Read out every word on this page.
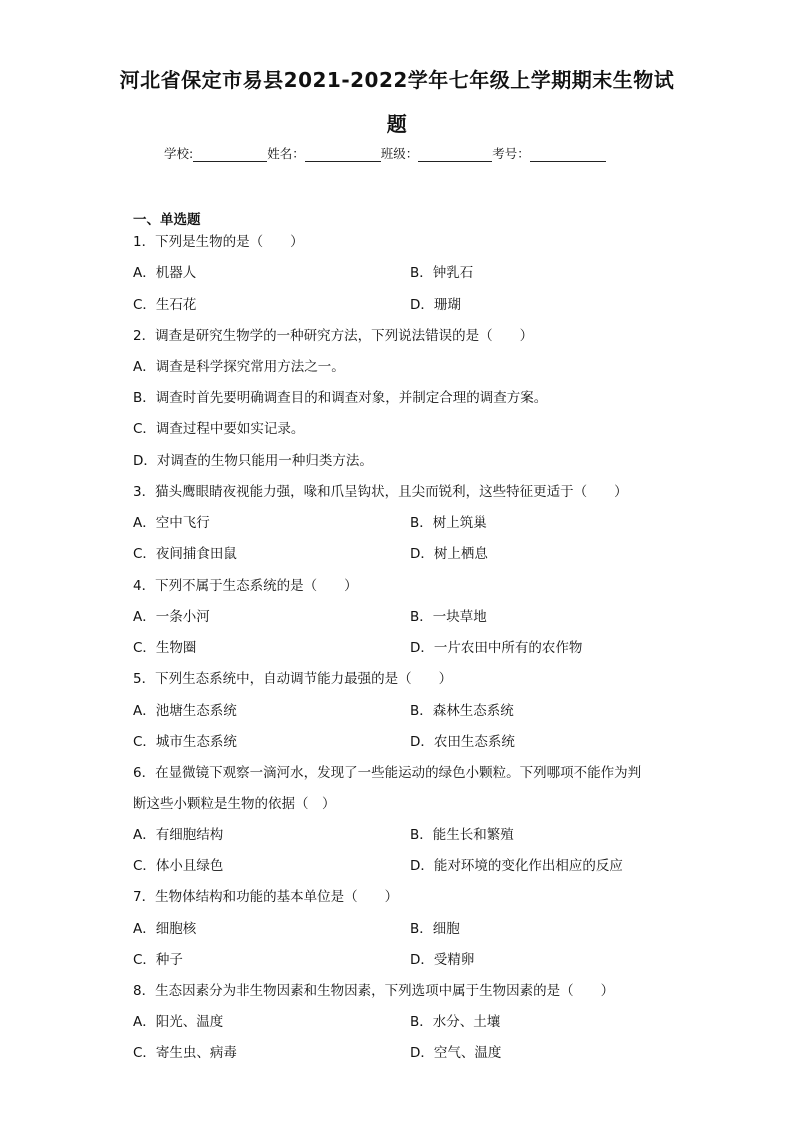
河北省保定市易县2021-2022学年七年级上学期期末生物试
题
学校:	姓名：	班级：	考号：
一、单选题
1．下列是生物的是（　　）
A．机器人	B．钟乳石
C．生石花	D．珊瑚
2．调查是研究生物学的一种研究方法，下列说法错误的是（　　）
A．调查是科学探究常用方法之一。
B．调查时首先要明确调查目的和调查对象，并制定合理的调查方案。
C．调查过程中要如实记录。
D．对调查的生物只能用一种归类方法。
3．猫头鹰眼睛夜视能力强，喙和爪呈钩状，且尖而锐利，这些特征更适于（　　）
A．空中飞行	B．树上筑巢
C．夜间捕食田鼠	D．树上栖息
4．下列不属于生态系统的是（　　）
A．一条小河	B．一块草地
C．生物圈	D．一片农田中所有的农作物
5．下列生态系统中，自动调节能力最强的是（　　）
A．池塘生态系统	B．森林生态系统
C．城市生态系统	D．农田生态系统
6．在显微镜下观察一滴河水，发现了一些能运动的绿色小颗粒。下列哪项不能作为判
断这些小颗粒是生物的依据（　）
A．有细胞结构	B．能生长和繁殖
C．体小且绿色	D．能对环境的变化作出相应的反应
7．生物体结构和功能的基本单位是（　　）
A．细胞核	B．细胞
C．种子	D．受精卵
8．生态因素分为非生物因素和生物因素，下列选项中属于生物因素的是（　　）
A．阳光、温度	B．水分、土壤
C．寄生虫、病毒	D．空气、温度
